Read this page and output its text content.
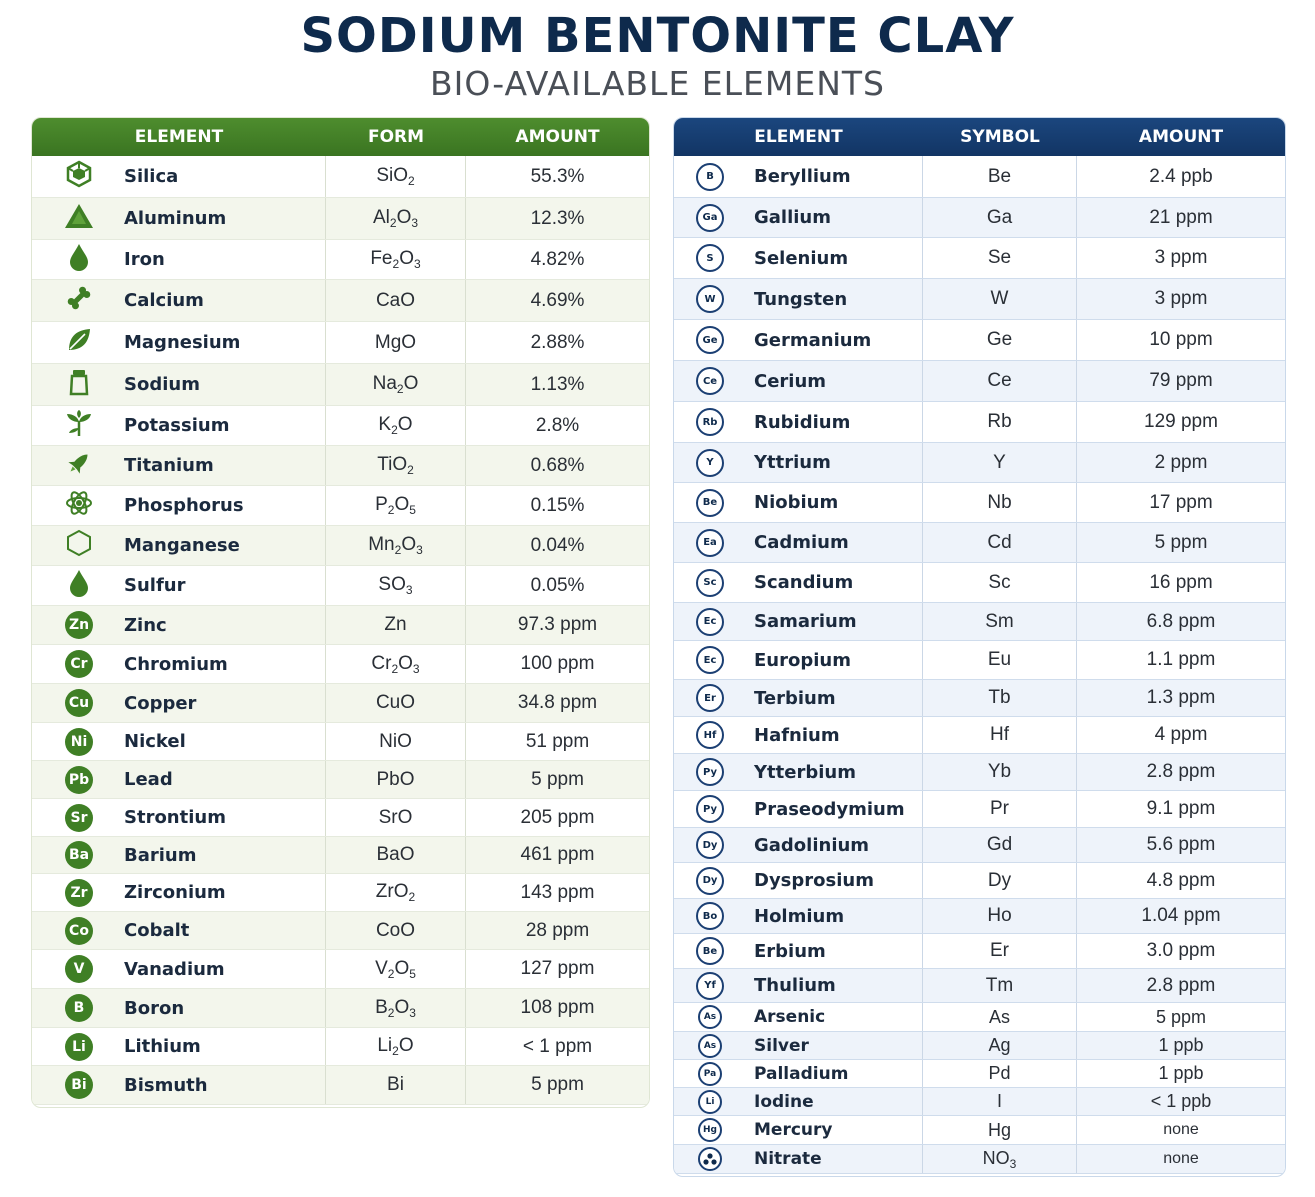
SODIUM BENTONITE CLAY
BIO-AVAILABLE ELEMENTS
ELEMENT	FORM	AMOUNT
Silica	SiO$_2$	55.3%
Aluminum	$Al_2O_3$	12.3%
Iron	$Fe_2O_3$	4.82%
Calcium	CaO	4.69%
Magnesium	MgO	2.88%
Sodium	$Na_2O$	1.13%
Potassium	$K_2O$	2.8%
Titanium	TiO$_2$	0.68%
Phosphorus	$P_2O_5$	0.15%
Manganese	$Mn_2O_3$	0.04%
Sulfur	$SO_3$	0.05%
Zn Zinc	Zn	97.3 ppm
Cr Chromium	$Cr_2O_3$	100 ppm
Cu Copper	CuO	34.8 ppm
Ni Nickel	NiO	51 ppm
Pb Lead	PbO	5 ppm
Sr Strontium	SrO	205 ppm
Ba Barium	BaO	461 ppm
Zr Zirconium	ZrO$_2$	143 ppm
Co Cobalt	CoO	28 ppm
V Vanadium	$V_2O_5$	127 ppm
B Boron	$B_2O_3$	108 ppm
Li Lithium	$Li_2O$	< 1 ppm
Bi Bismuth	Bi	5 ppm
ELEMENT	SYMBOL	AMOUNT
B Beryllium	Be	2.4 ppb
Ga Gallium	Ga	21 ppm
S Selenium	Se	3 ppm
W Tungsten	W	3 ppm
Ge Germanium	Ge	10 ppm
Ce Cerium	Ce	79 ppm
Rb Rubidium	Rb	129 ppm
Y Yttrium	Y	2 ppm
Be Niobium	Nb	17 ppm
Ea Cadmium	Cd	5 ppm
Sc Scandium	Sc	16 ppm
Ec Samarium	Sm	6.8 ppm
Ec Europium	Eu	1.1 ppm
Er Terbium	Tb	1.3 ppm
Hf Hafnium	Hf	4 ppm
Py Ytterbium	Yb	2.8 ppm
Py Praseodymium	Pr	9.1 ppm
Dy Gadolinium	Gd	5.6 ppm
Dy Dysprosium	Dy	4.8 ppm
Bo Holmium	Ho	1.04 ppm
Be Erbium	Er	3.0 ppm
Yf Thulium	Tm	2.8 ppm
As Arsenic	As	5 ppm
As Silver	Ag	1 ppb
Pa Palladium	Pd	1 ppb
Li Iodine	I	< 1 ppb
Hg Mercury	Hg	none
Nitrate	$NO_3$	none
